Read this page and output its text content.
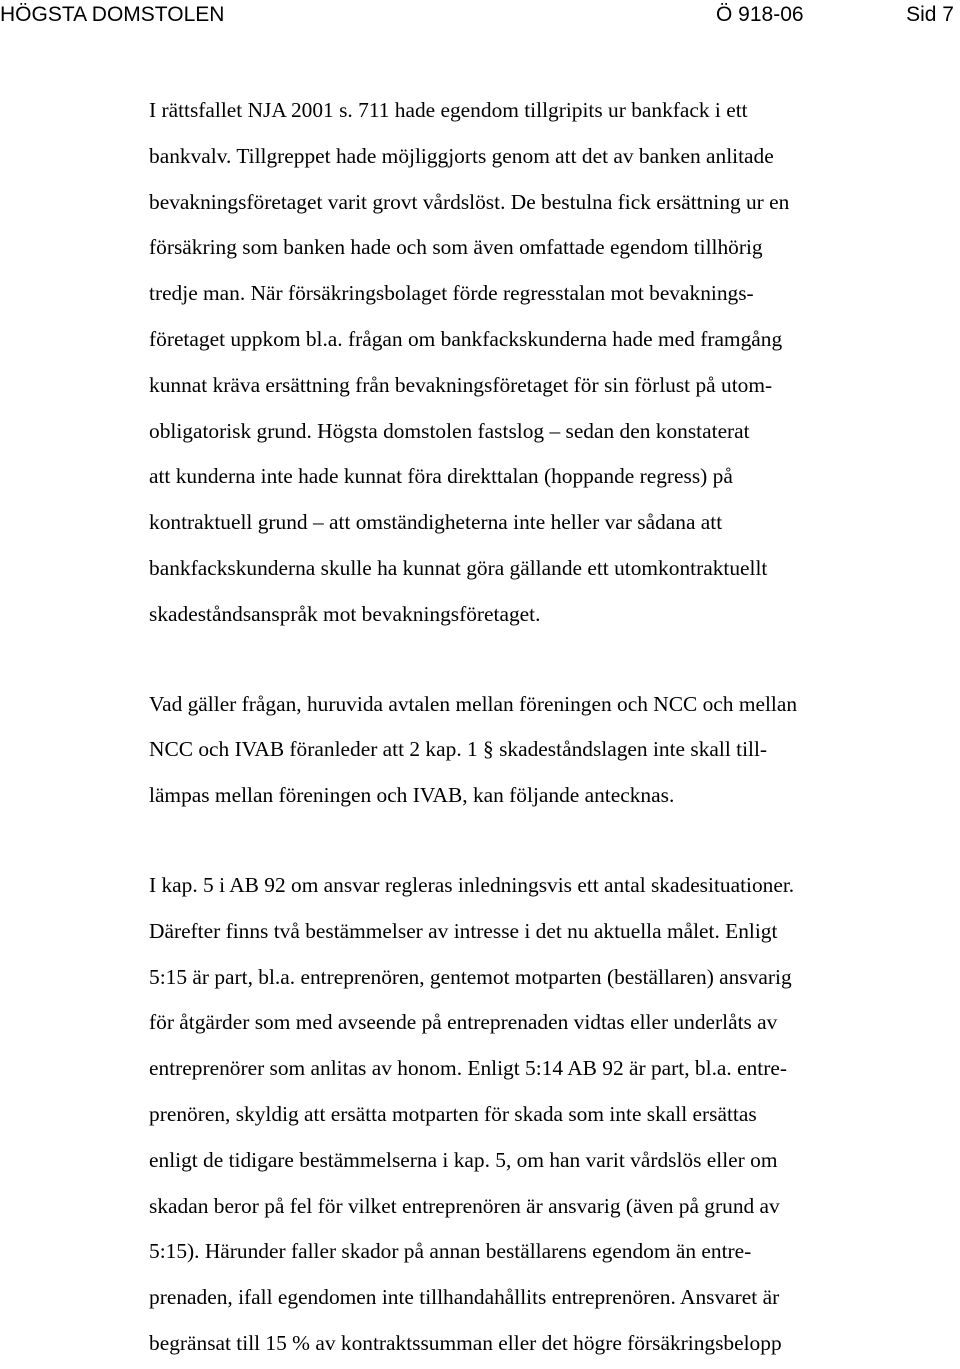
HÖGSTA DOMSTOLEN	Ö 918-06	Sid 7

I rättsfallet NJA 2001 s. 711 hade egendom tillgripits ur bankfack i ett
bankvalv. Tillgreppet hade möjliggjorts genom att det av banken anlitade
bevakningsföretaget varit grovt vårdslöst. De bestulna fick ersättning ur en
försäkring som banken hade och som även omfattade egendom tillhörig
tredje man. När försäkringsbolaget förde regresstalan mot bevaknings-
företaget uppkom bl.a. frågan om bankfackskunderna hade med framgång
kunnat kräva ersättning från bevakningsföretaget för sin förlust på utom-
obligatorisk grund. Högsta domstolen fastslog – sedan den konstaterat
att kunderna inte hade kunnat föra direkttalan (hoppande regress) på
kontraktuell grund – att omständigheterna inte heller var sådana att
bankfackskunderna skulle ha kunnat göra gällande ett utomkontraktuellt
skadeståndsanspråk mot bevakningsföretaget.

Vad gäller frågan, huruvida avtalen mellan föreningen och NCC och mellan
NCC och IVAB föranleder att 2 kap. 1 § skadeståndslagen inte skall till-
lämpas mellan föreningen och IVAB, kan följande antecknas.

I kap. 5 i AB 92 om ansvar regleras inledningsvis ett antal skadesituationer.
Därefter finns två bestämmelser av intresse i det nu aktuella målet. Enligt
5:15 är part, bl.a. entreprenören, gentemot motparten (beställaren) ansvarig
för åtgärder som med avseende på entreprenaden vidtas eller underlåts av
entreprenörer som anlitas av honom. Enligt 5:14 AB 92 är part, bl.a. entre-
prenören, skyldig att ersätta motparten för skada som inte skall ersättas
enligt de tidigare bestämmelserna i kap. 5, om han varit vårdslös eller om
skadan beror på fel för vilket entreprenören är ansvarig (även på grund av
5:15). Härunder faller skador på annan beställarens egendom än entre-
prenaden, ifall egendomen inte tillhandahållits entreprenören. Ansvaret är
begränsat till 15 % av kontraktssumman eller det högre försäkringsbelopp
